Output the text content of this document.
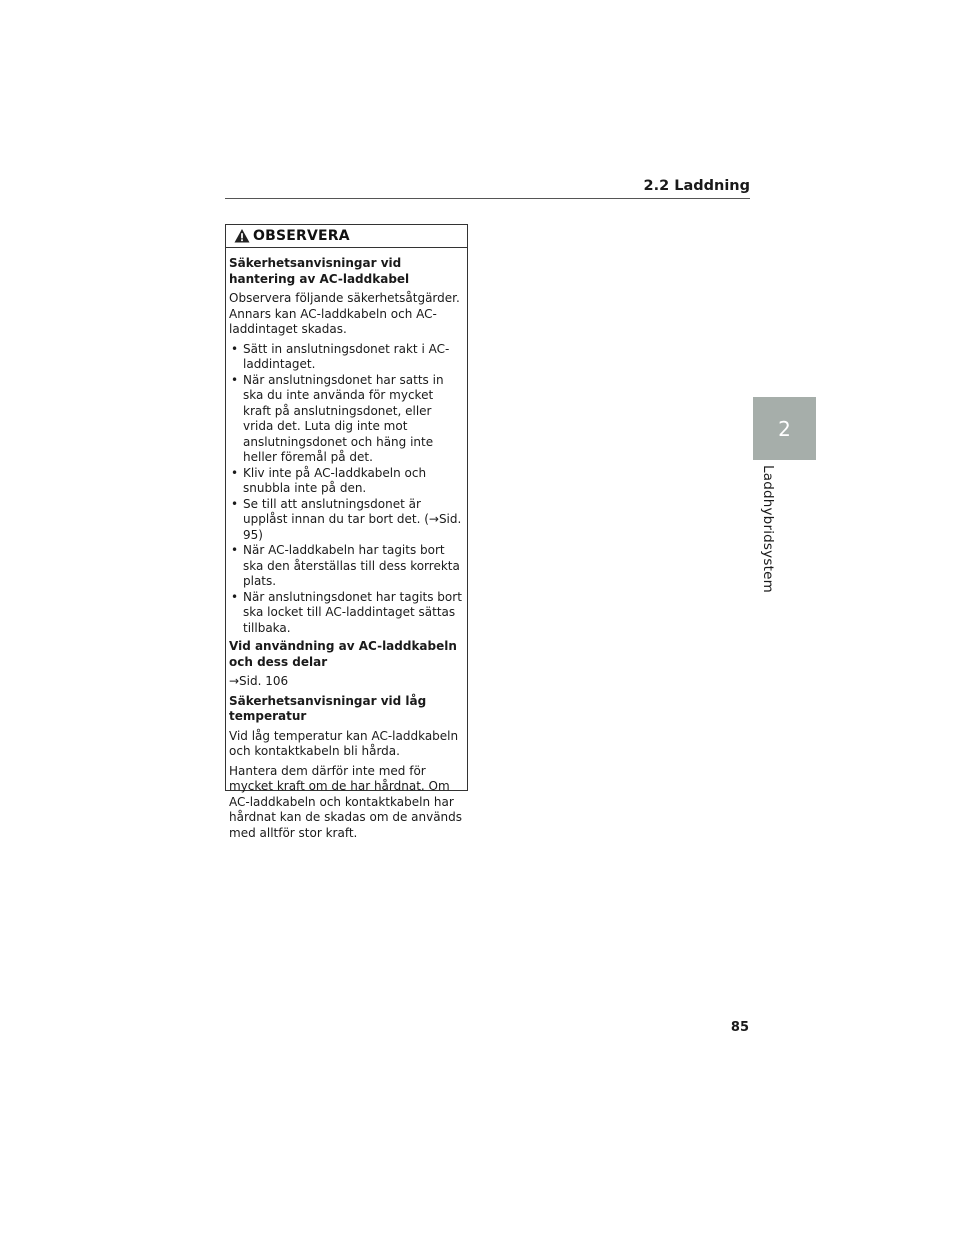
2.2 Laddning
2
Laddhybridsystem
OBSERVERA
Säkerhetsanvisningar vid hantering av AC-laddkabel
Observera följande säkerhetsåtgärder. Annars kan AC-laddkabeln och AC-laddintaget skadas.
• Sätt in anslutningsdonet rakt i AC-laddintaget.
• När anslutningsdonet har satts in ska du inte använda för mycket kraft på anslutningsdonet, eller vrida det. Luta dig inte mot anslutningsdonet och häng inte heller föremål på det.
• Kliv inte på AC-laddkabeln och snubbla inte på den.
• Se till att anslutningsdonet är upplåst innan du tar bort det. (→Sid. 95)
• När AC-laddkabeln har tagits bort ska den återställas till dess korrekta plats.
• När anslutningsdonet har tagits bort ska locket till AC-laddintaget sättas tillbaka.
Vid användning av AC-laddkabeln och dess delar
→Sid. 106
Säkerhetsanvisningar vid låg temperatur
Vid låg temperatur kan AC-laddkabeln och kontaktkabeln bli hårda.
Hantera dem därför inte med för mycket kraft om de har hårdnat. Om AC-laddkabeln och kontaktkabeln har hårdnat kan de skadas om de används med alltför stor kraft.
85
